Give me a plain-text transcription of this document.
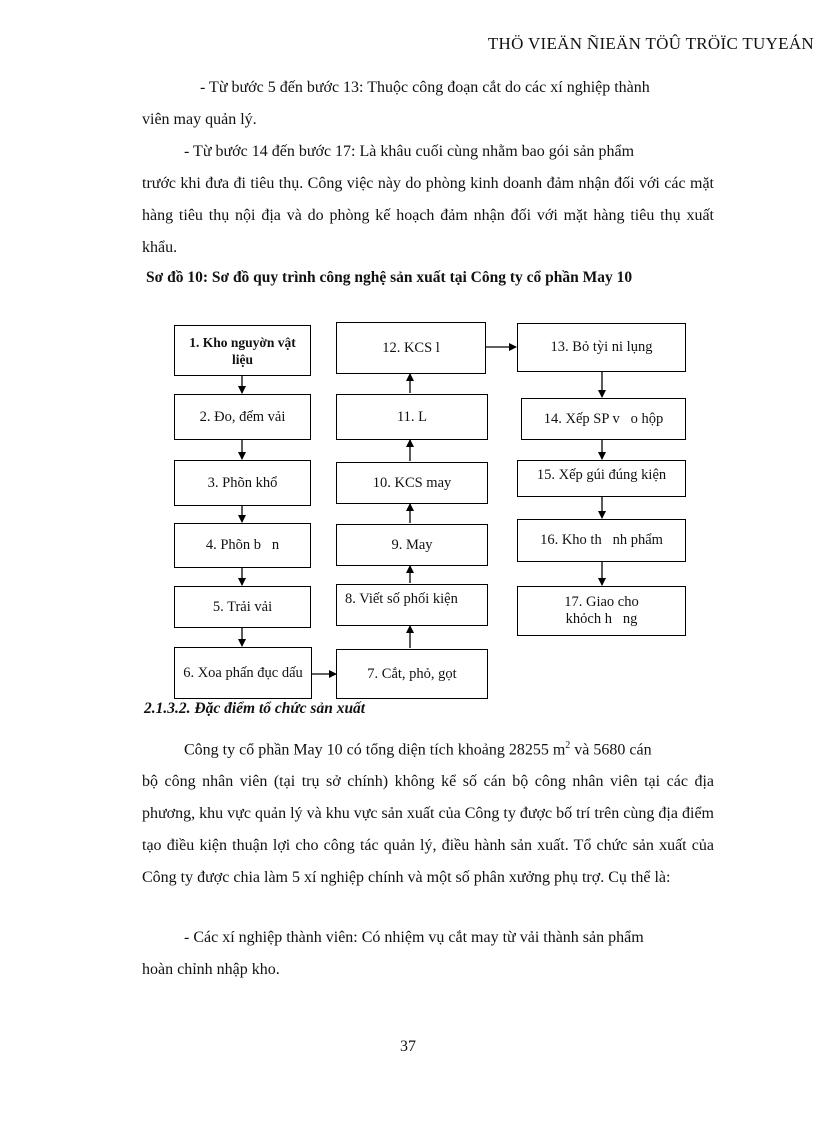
THÖ VIEÄN ÑIEÄN TÖÛ TRÖÏC TUYEÁN
- Từ bước 5 đến bước 13: Thuộc công đoạn cắt do các xí nghiệp thành
viên may quản lý.
- Từ bước 14 đến bước 17: Là khâu cuối cùng nhằm bao gói sản phẩm
trước khi đưa đi tiêu thụ. Công việc này do phòng kinh doanh đảm nhận đối với các mặt hàng tiêu thụ nội địa và do phòng kế hoạch đảm nhận đối với mặt hàng tiêu thụ xuất khẩu.
Sơ đồ 10: Sơ đồ quy trình công nghệ sản xuất tại Công ty cổ phần May 10
1. Kho nguyờn vật liệu
2. Đo, đếm vải
3. Phõn khổ
4. Phõn b   n
5. Trải vải
6. Xoa phấn đục dấu
12. KCS l
11. L
10. KCS may
9. May
8. Viết số phối kiện
7. Cắt, phỏ, gọt
13. Bỏ tỳi ni lụng
14. Xếp SP v   o hộp
15. Xếp gúi đúng kiện
16. Kho th   nh phẩm
17. Giao cho khỏch h   ng
2.1.3.2. Đặc điểm tổ chức sản xuất
Công ty cổ phần May 10 có tổng diện tích khoảng 28255 $m^2$ và 5680 cán
bộ công nhân viên (tại trụ sở chính) không kể số cán bộ công nhân viên tại các địa phương, khu vực quản lý và khu vực sản xuất của Công ty được bố trí trên cùng địa điểm tạo điều kiện thuận lợi cho công tác quản lý, điều hành sản xuất. Tổ chức sản xuất của Công ty được chia làm 5 xí nghiệp chính và một số phân xưởng phụ trợ. Cụ thể là:
- Các xí nghiệp thành viên: Có nhiệm vụ cắt may từ vải thành sản phẩm
hoàn chỉnh nhập kho.
37
